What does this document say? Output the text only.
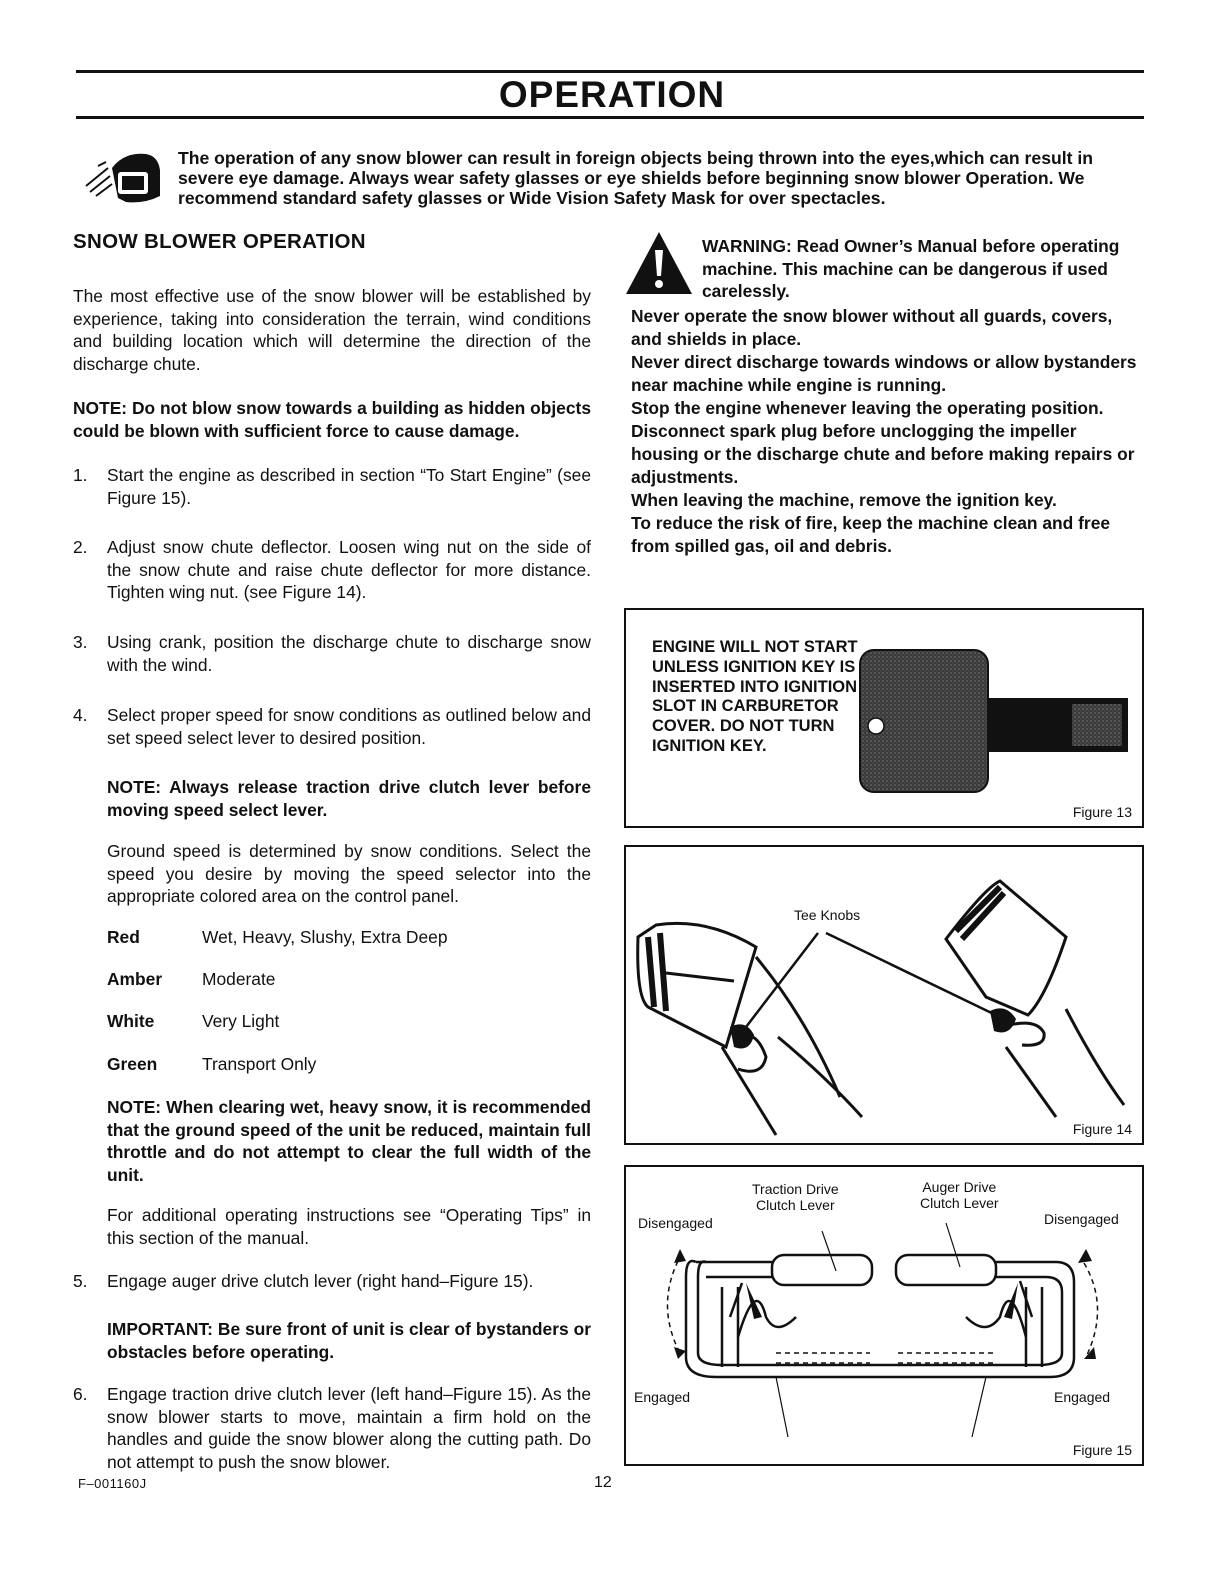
OPERATION

The operation of any snow blower can result in foreign objects being thrown into the eyes,which can result in severe eye damage. Always wear safety glasses or eye shields before beginning snow blower Operation. We recommend standard safety glasses or Wide Vision Safety Mask for over spectacles.

SNOW BLOWER OPERATION

The most effective use of the snow blower will be established by experience, taking into consideration the terrain, wind conditions and building location which will determine the direction of the discharge chute.

NOTE: Do not blow snow towards a building as hidden objects could be blown with sufficient force to cause damage.

1. Start the engine as described in section “To Start Engine” (see Figure 15).
2. Adjust snow chute deflector. Loosen wing nut on the side of the snow chute and raise chute deflector for more distance. Tighten wing nut. (see Figure 14).
3. Using crank, position the discharge chute to discharge snow with the wind.
4. Select proper speed for snow conditions as outlined below and set speed select lever to desired position.

NOTE: Always release traction drive clutch lever before moving speed select lever.

Ground speed is determined by snow conditions. Select the speed you desire by moving the speed selector into the appropriate colored area on the control panel.

Red	Wet, Heavy, Slushy, Extra Deep
Amber Moderate
White	Very Light
Green	Transport Only

NOTE: When clearing wet, heavy snow, it is recommended that the ground speed of the unit be reduced, maintain full throttle and do not attempt to clear the full width of the unit.

For additional operating instructions see “Operating Tips” in this section of the manual.

5. Engage auger drive clutch lever (right hand–Figure 15).

IMPORTANT: Be sure front of unit is clear of bystanders or obstacles before operating.

6. Engage traction drive clutch lever (left hand–Figure 15). As the snow blower starts to move, maintain a firm hold on the handles and guide the snow blower along the cutting path. Do not attempt to push the snow blower.

WARNING: Read Owner’s Manual before operating machine. This machine can be dangerous if used carelessly.

Never operate the snow blower without all guards, covers, and shields in place.

Never direct discharge towards windows or allow bystanders near machine while engine is running.

Stop the engine whenever leaving the operating position.

Disconnect spark plug before unclogging the impeller housing or the discharge chute and before making repairs or adjustments.

When leaving the machine, remove the ignition key.

To reduce the risk of fire, keep the machine clean and free from spilled gas, oil and debris.

ENGINE WILL NOT START UNLESS IGNITION KEY IS INSERTED INTO IGNITION SLOT IN CARBURETOR COVER. DO NOT TURN IGNITION KEY.

Figure 13
Tee Knobs
Figure 14
Traction Drive
Clutch Lever
Auger Drive
Clutch Lever
Disengaged	Disengaged
Engaged	Engaged
Figure 15
F–001160J	12
